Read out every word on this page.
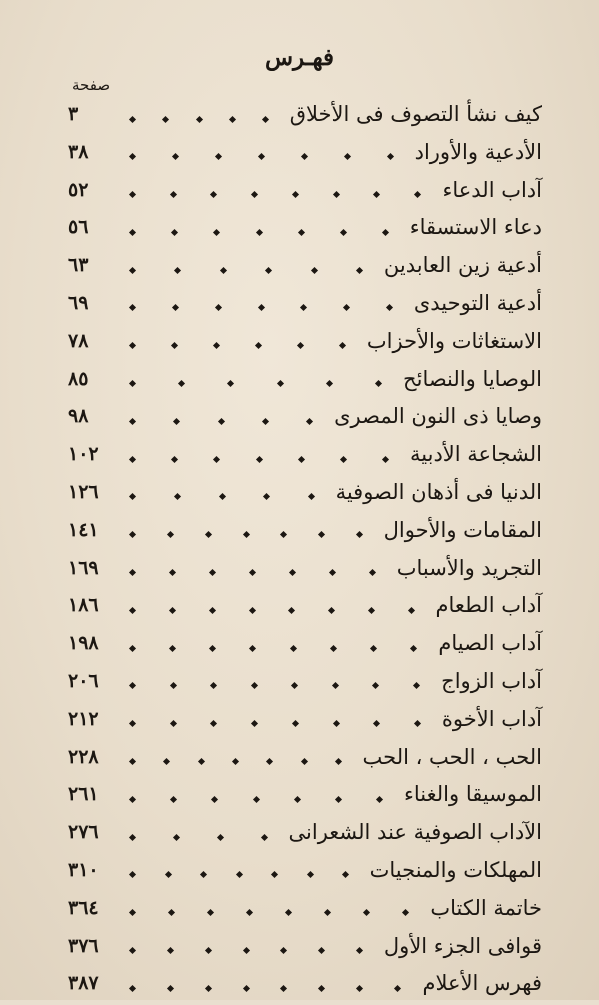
فهـرس
صفحة
كيف نشأ التصوف فى الأخلاق
٣
الأدعية والأوراد
٣٨
آداب الدعاء
٥٢
دعاء الاستسقاء
٥٦
أدعية زين العابدين
٦٣
أدعية التوحيدى
٦٩
الاستغاثات والأحزاب
٧٨
الوصايا والنصائح
٨٥
وصايا ذى النون المصرى
٩٨
الشجاعة الأدبية
١٠٢
الدنيا فى أذهان الصوفية
١٢٦
المقامات والأحوال
١٤١
التجريد والأسباب
١٦٩
آداب الطعام
١٨٦
آداب الصيام
١٩٨
آداب الزواج
٢٠٦
آداب الأخوة
٢١٢
الحب ، الحب ، الحب
٢٢٨
الموسيقا والغناء
٢٦١
الآداب الصوفية عند الشعرانى
٢٧٦
المهلكات والمنجيات
٣١٠
خاتمة الكتاب
٣٦٤
قوافى الجزء الأول
٣٧٦
فهرس الأعلام
٣٨٧
